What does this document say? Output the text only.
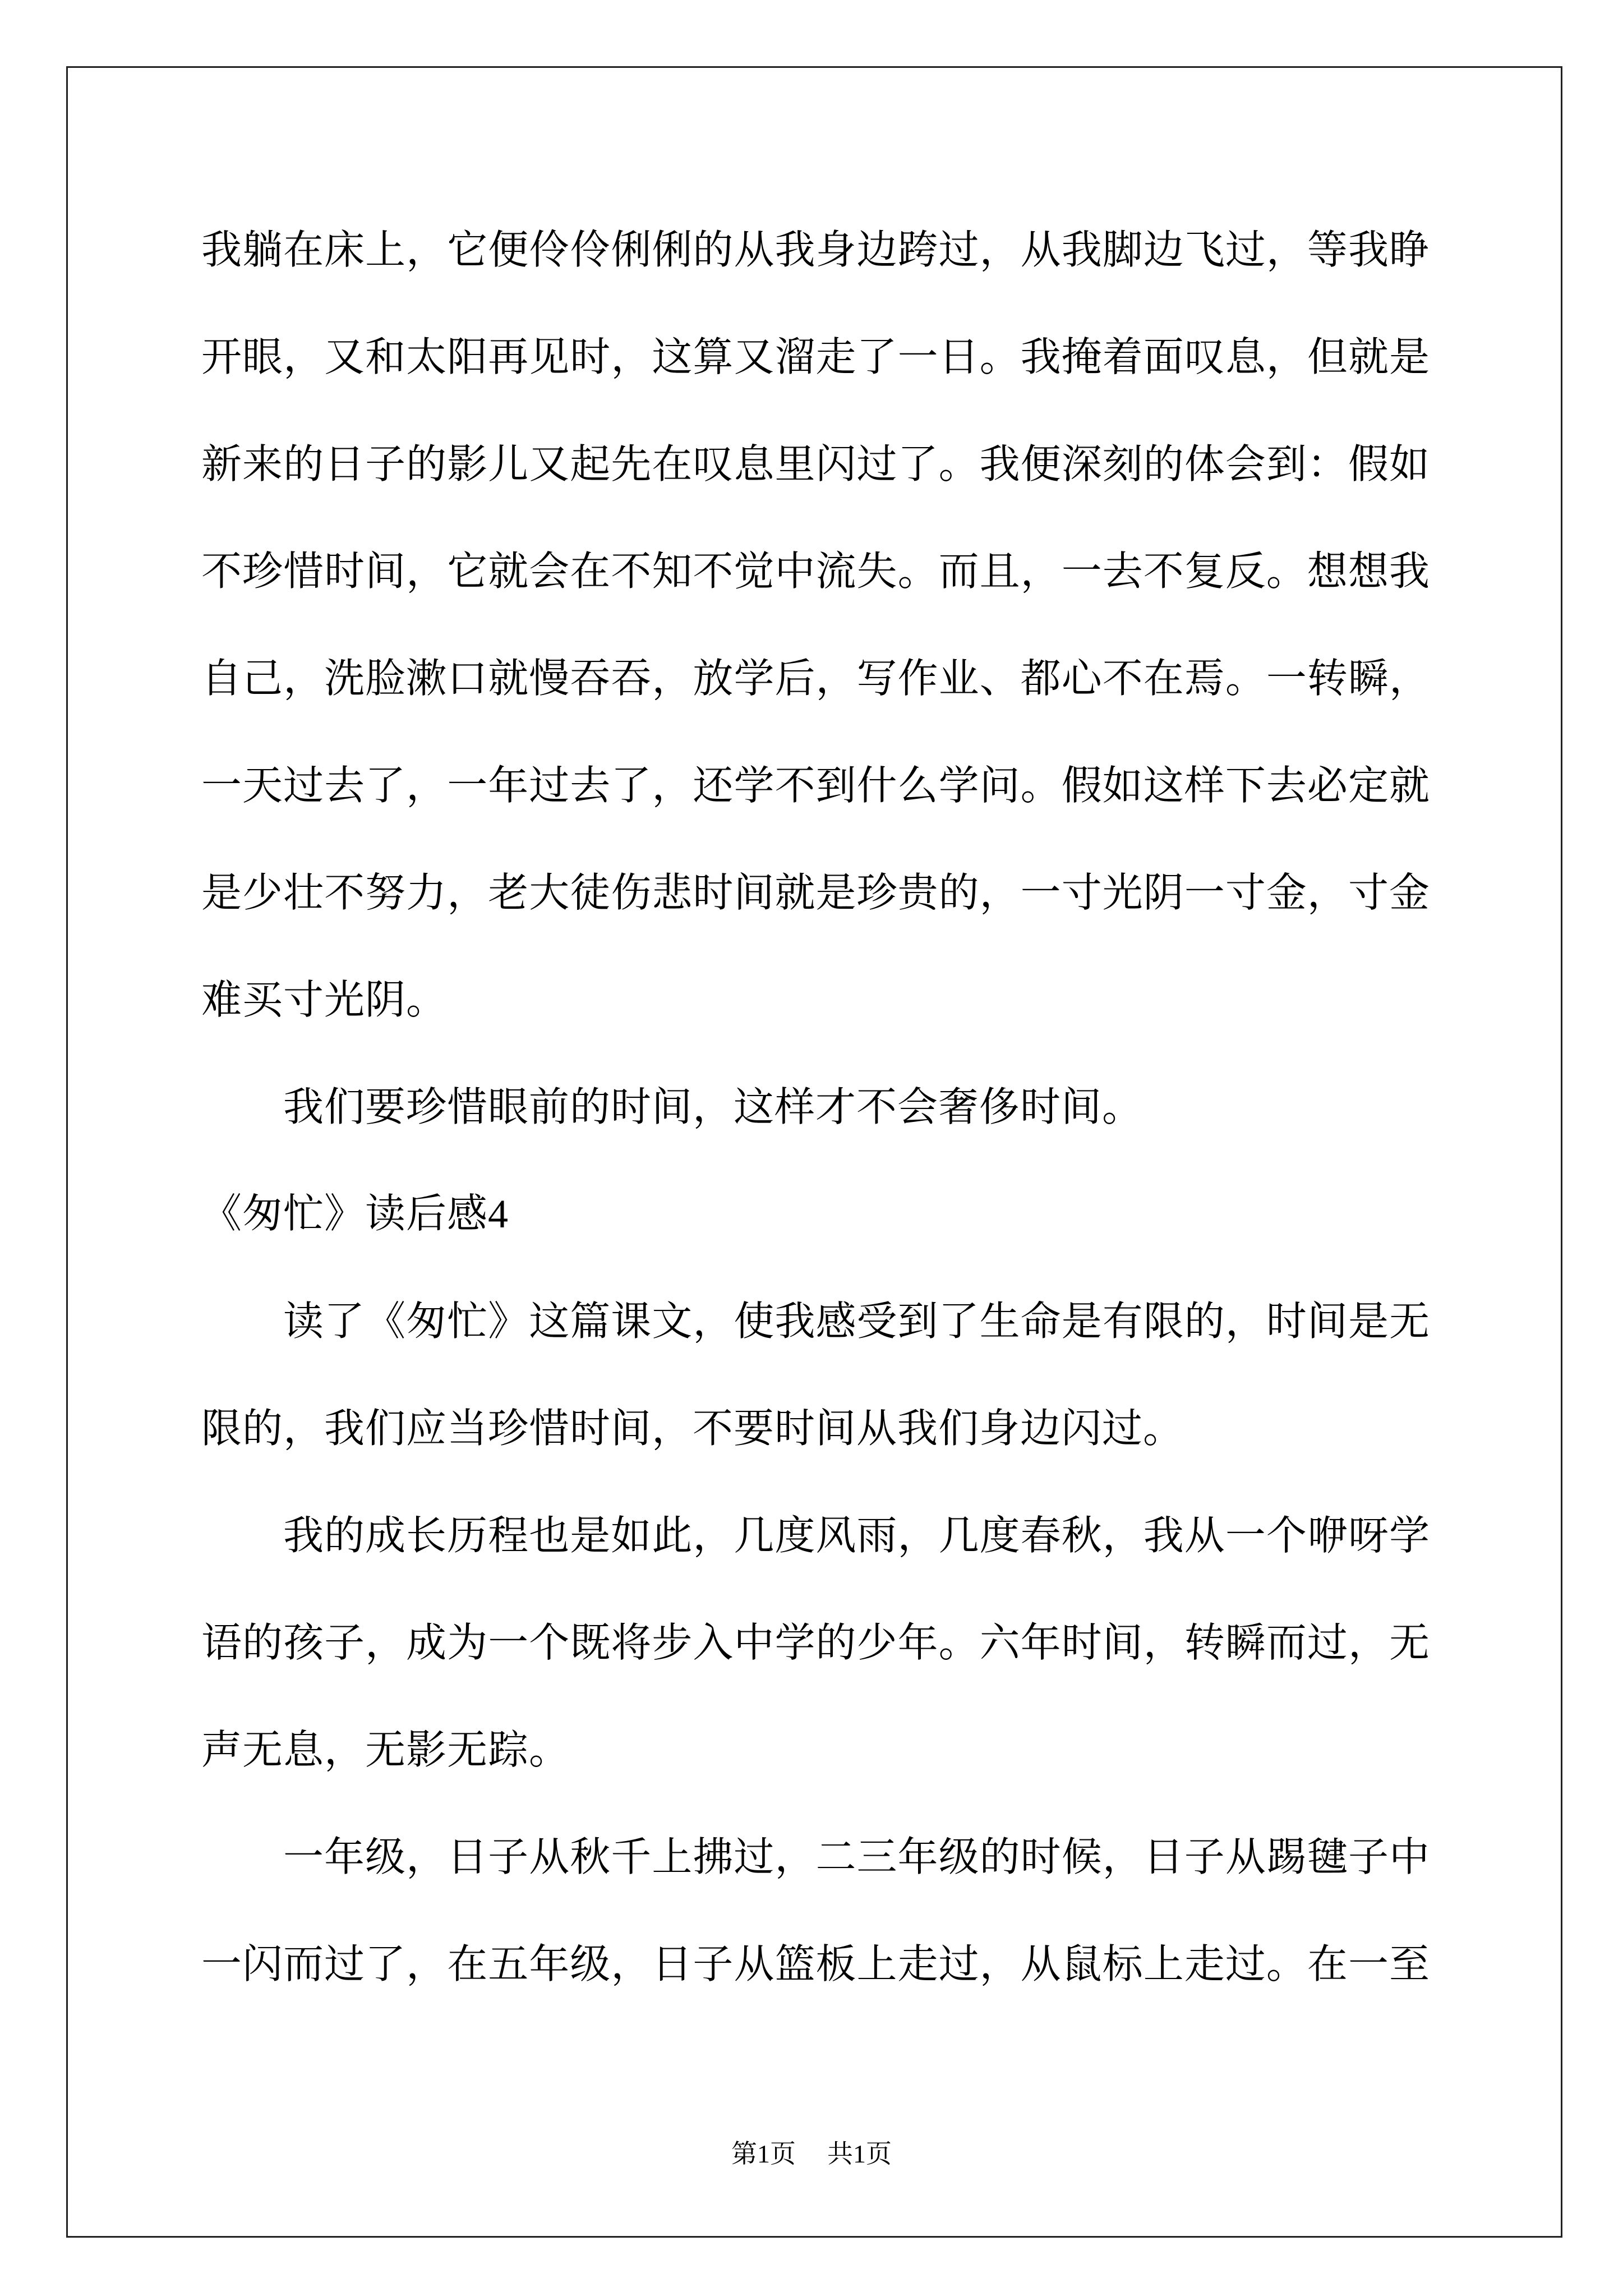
我躺在床上，它便伶伶俐俐的从我身边跨过，从我脚边飞过，等我睁
开眼，又和太阳再见时，这算又溜走了一日。我掩着面叹息，但就是
新来的日子的影儿又起先在叹息里闪过了。我便深刻的体会到：假如
不珍惜时间，它就会在不知不觉中流失。而且，一去不复反。想想我
自己，洗脸漱口就慢吞吞，放学后，写作业、都心不在焉。一转瞬，
一天过去了，一年过去了，还学不到什么学问。假如这样下去必定就
是少壮不努力，老大徒伤悲时间就是珍贵的，一寸光阴一寸金，寸金
难买寸光阴。
我们要珍惜眼前的时间，这样才不会奢侈时间。
《匆忙》读后感4
读了《匆忙》这篇课文，使我感受到了生命是有限的，时间是无
限的，我们应当珍惜时间，不要时间从我们身边闪过。
我的成长历程也是如此，几度风雨，几度春秋，我从一个咿呀学
语的孩子，成为一个既将步入中学的少年。六年时间，转瞬而过，无
声无息，无影无踪。
一年级，日子从秋千上拂过，二三年级的时候，日子从踢毽子中
一闪而过了，在五年级，日子从篮板上走过，从鼠标上走过。在一至
第1页 共1页
